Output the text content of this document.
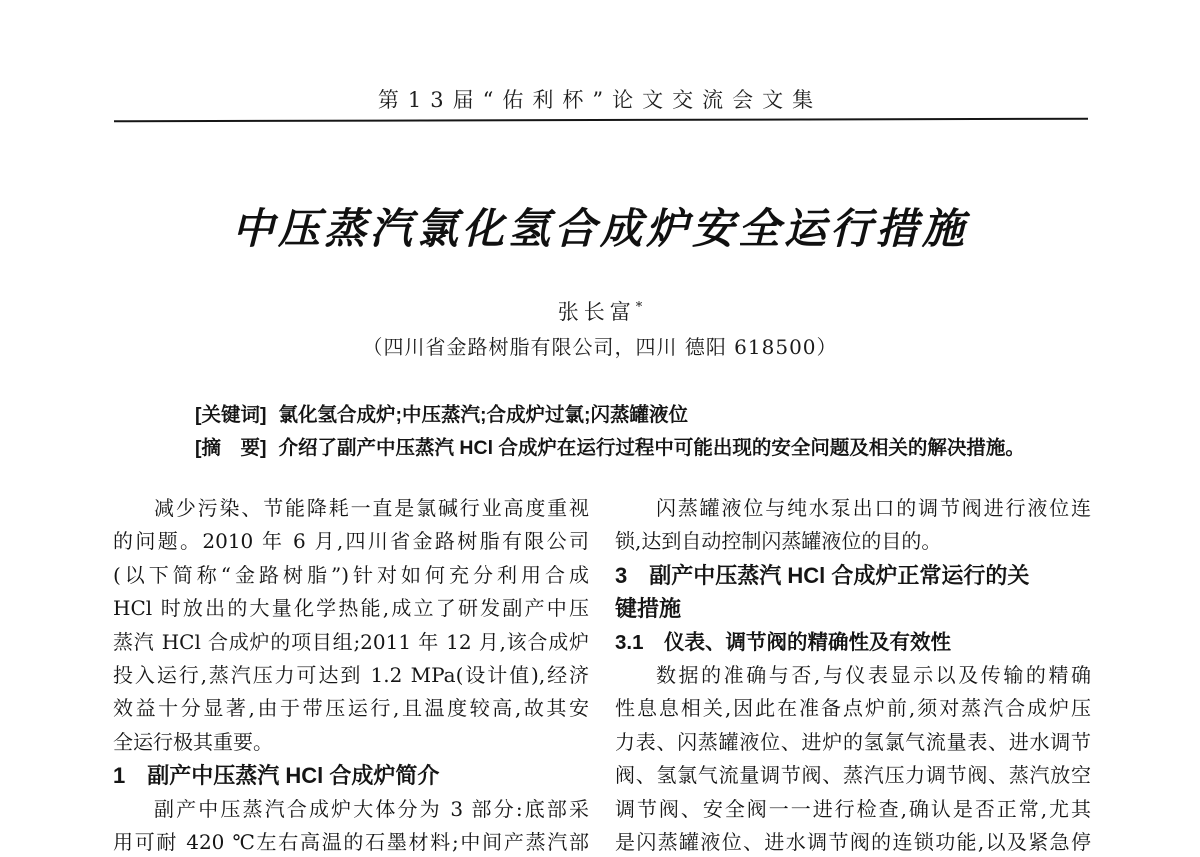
第13届“佑利杯”论文交流会文集
中压蒸汽氯化氢合成炉安全运行措施
张长富*
（四川省金路树脂有限公司，四川 德阳 618500）
[关键词] 氯化氢合成炉;中压蒸汽;合成炉过氯;闪蒸罐液位
[摘　要] 介绍了副产中压蒸汽 HCl 合成炉在运行过程中可能出现的安全问题及相关的解决措施。
减少污染、节能降耗一直是氯碱行业高度重视
的问题。2010 年 6 月,四川省金路树脂有限公司
(以下简称“金路树脂”)针对如何充分利用合成
HCl 时放出的大量化学热能,成立了研发副产中压
蒸汽 HCl 合成炉的项目组;2011 年 12 月,该合成炉
投入运行,蒸汽压力可达到 1.2 MPa(设计值),经济
效益十分显著,由于带压运行,且温度较高,故其安
全运行极其重要。
1　副产中压蒸汽 HCl 合成炉简介
副产中压蒸汽合成炉大体分为 3 部分:底部采
用可耐 420 ℃左右高温的石墨材料;中间产蒸汽部
闪蒸罐液位与纯水泵出口的调节阀进行液位连
锁,达到自动控制闪蒸罐液位的目的。
3　副产中压蒸汽 HCl 合成炉正常运行的关
键措施
3.1　仪表、调节阀的精确性及有效性
数据的准确与否,与仪表显示以及传输的精确
性息息相关,因此在准备点炉前,须对蒸汽合成炉压
力表、闪蒸罐液位、进炉的氢氯气流量表、进水调节
阀、氢氯气流量调节阀、蒸汽压力调节阀、蒸汽放空
调节阀、安全阀一一进行检查,确认是否正常,尤其
是闪蒸罐液位、进水调节阀的连锁功能,以及紧急停
